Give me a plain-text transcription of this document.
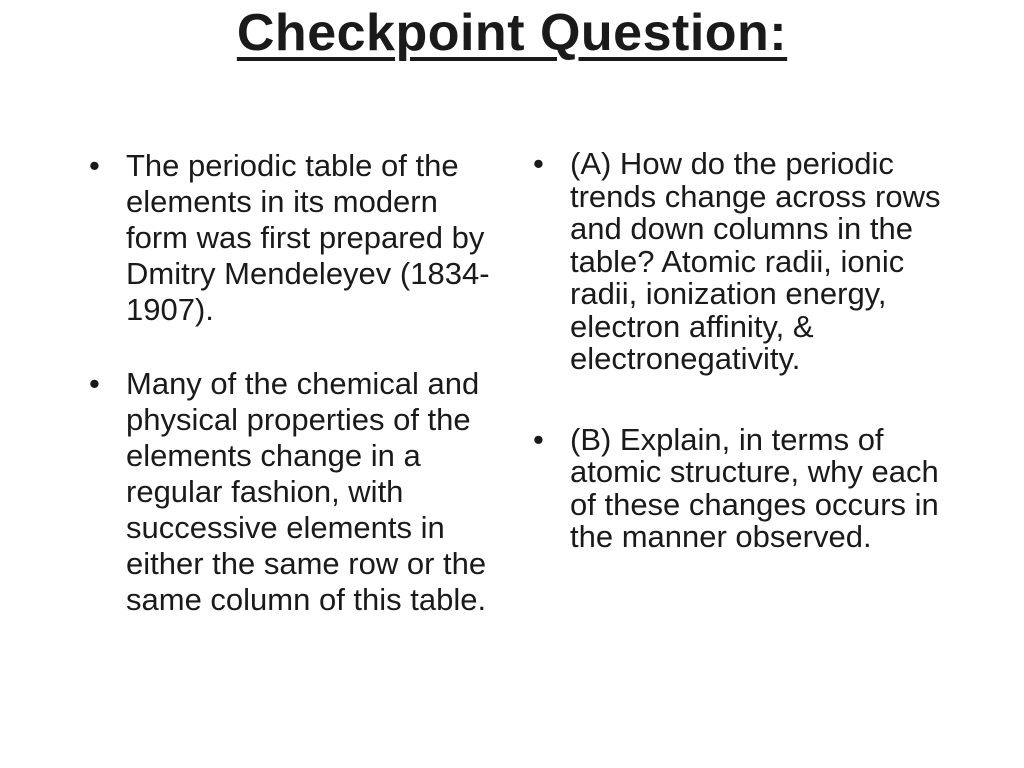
Checkpoint Question:
• The periodic table of the elements in its modern form was first prepared by Dmitry Mendeleyev (1834-1907).
• Many of the chemical and physical properties of the elements change in a regular fashion, with successive elements in either the same row or the same column of this table.
• (A) How do the periodic trends change across rows and down columns in the table? Atomic radii, ionic radii, ionization energy, electron affinity, & electronegativity.
• (B) Explain, in terms of atomic structure, why each of these changes occurs in the manner observed.
